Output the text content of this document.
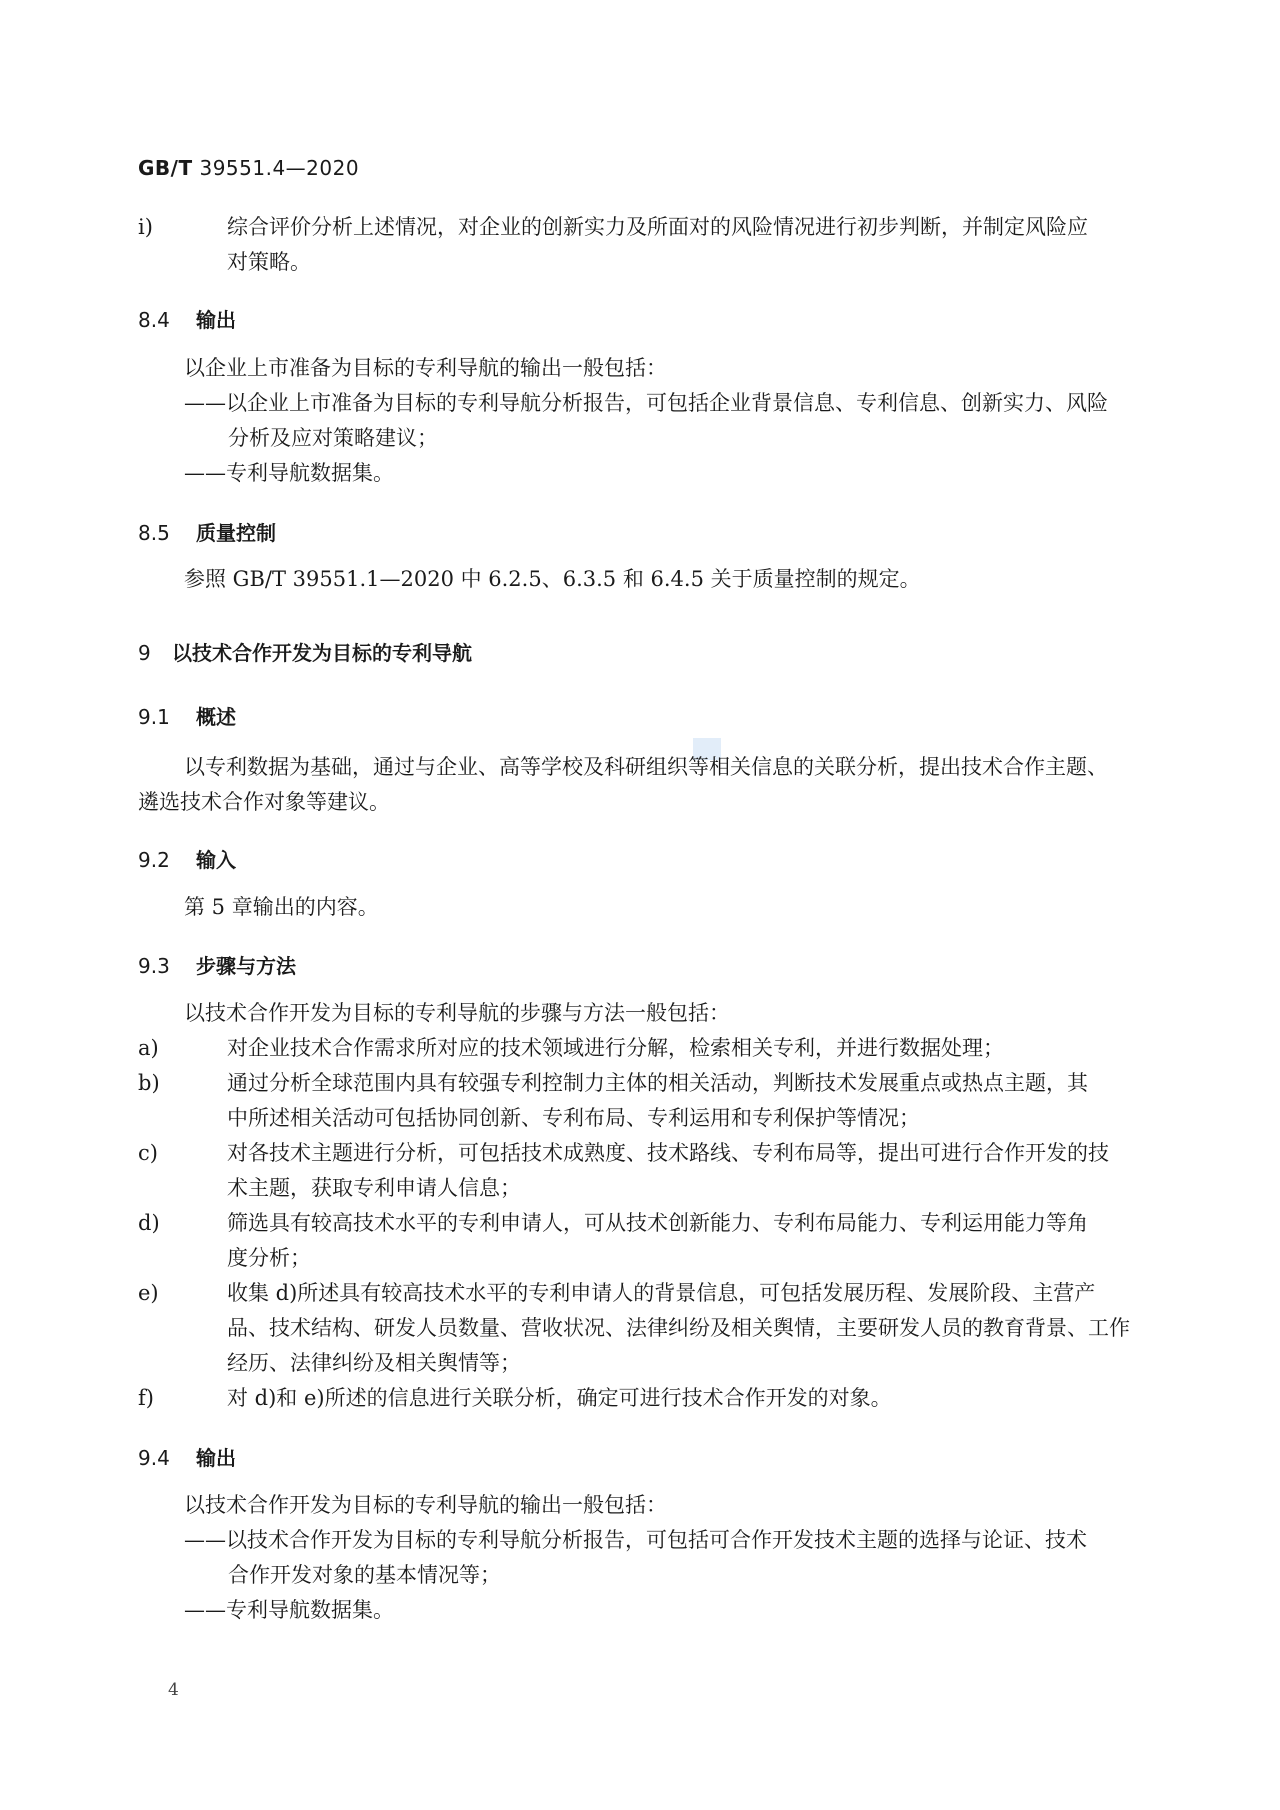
GB/T 39551.4—2020
i)	综合评价分析上述情况，对企业的创新实力及所面对的风险情况进行初步判断，并制定风险应
对策略。
8.4 输出
以企业上市准备为目标的专利导航的输出一般包括：
——以企业上市准备为目标的专利导航分析报告，可包括企业背景信息、专利信息、创新实力、风险
分析及应对策略建议；
——专利导航数据集。
8.5 质量控制
参照 GB/T 39551.1—2020 中 6.2.5、6.3.5 和 6.4.5 关于质量控制的规定。
9 以技术合作开发为目标的专利导航
9.1 概述
以专利数据为基础，通过与企业、高等学校及科研组织等相关信息的关联分析，提出技术合作主题、
遴选技术合作对象等建议。
9.2 输入
第 5 章输出的内容。
9.3 步骤与方法
以技术合作开发为目标的专利导航的步骤与方法一般包括：
a)	对企业技术合作需求所对应的技术领域进行分解，检索相关专利，并进行数据处理；
b)	通过分析全球范围内具有较强专利控制力主体的相关活动，判断技术发展重点或热点主题，其
中所述相关活动可包括协同创新、专利布局、专利运用和专利保护等情况；
c)	对各技术主题进行分析，可包括技术成熟度、技术路线、专利布局等，提出可进行合作开发的技
术主题，获取专利申请人信息；
d)	筛选具有较高技术水平的专利申请人，可从技术创新能力、专利布局能力、专利运用能力等角
度分析；
e)	收集 d)所述具有较高技术水平的专利申请人的背景信息，可包括发展历程、发展阶段、主营产
品、技术结构、研发人员数量、营收状况、法律纠纷及相关舆情，主要研发人员的教育背景、工作
经历、法律纠纷及相关舆情等；
f)	对 d)和 e)所述的信息进行关联分析，确定可进行技术合作开发的对象。
9.4 输出
以技术合作开发为目标的专利导航的输出一般包括：
——以技术合作开发为目标的专利导航分析报告，可包括可合作开发技术主题的选择与论证、技术
合作开发对象的基本情况等；
——专利导航数据集。
4
